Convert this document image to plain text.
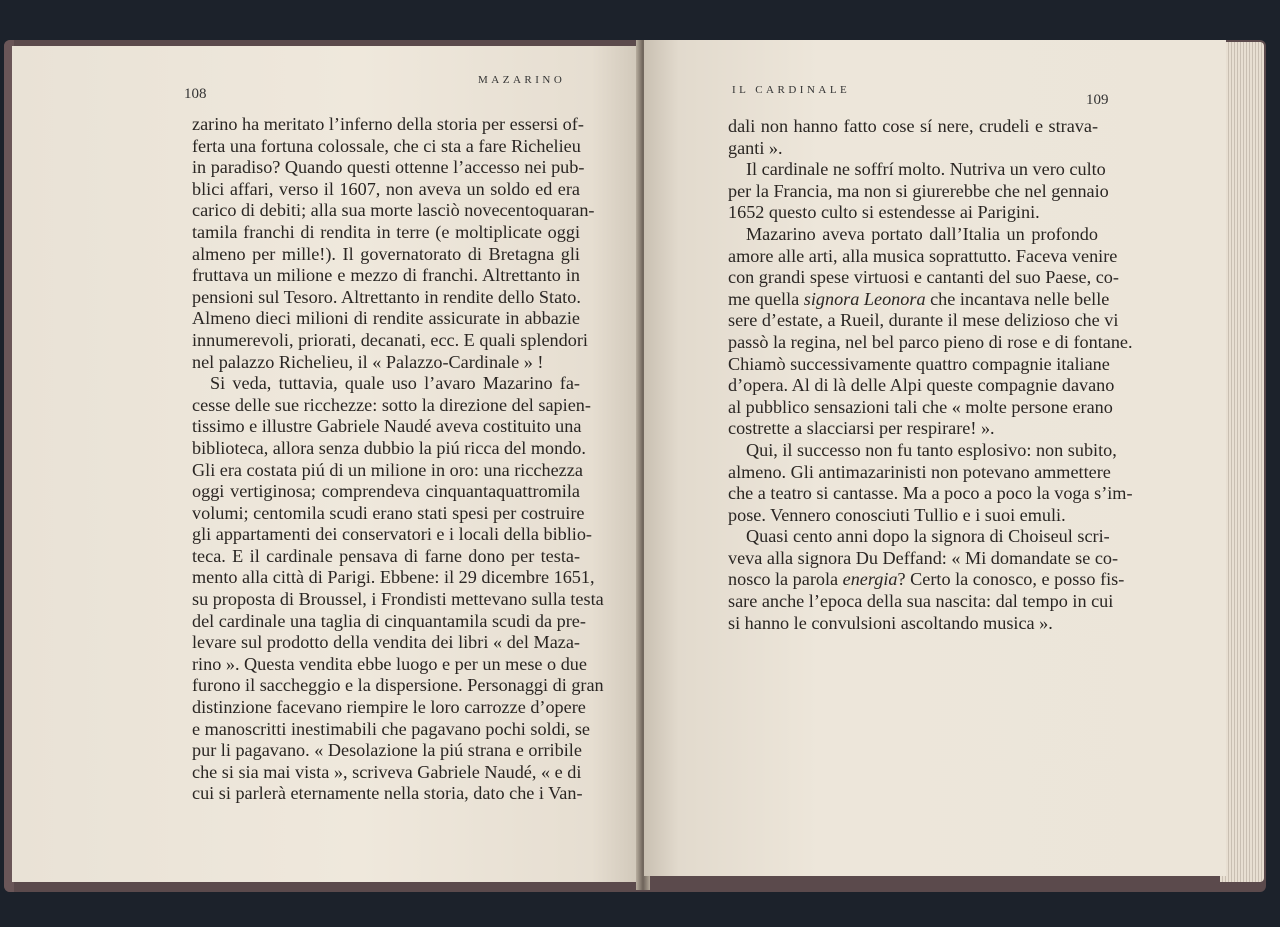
108
MAZARINO
zarino ha meritato l’inferno della storia per essersi of-
ferta una fortuna colossale, che ci sta a fare Richelieu
in paradiso? Quando questi ottenne l’accesso nei pub-
blici affari, verso il 1607, non aveva un soldo ed era
carico di debiti; alla sua morte lasciò novecentoquaran-
tamila franchi di rendita in terre (e moltiplicate oggi
almeno per mille!). Il governatorato di Bretagna gli
fruttava un milione e mezzo di franchi. Altrettanto in
pensioni sul Tesoro. Altrettanto in rendite dello Stato.
Almeno dieci milioni di rendite assicurate in abbazie
innumerevoli, priorati, decanati, ecc. E quali splendori
nel palazzo Richelieu, il « Palazzo-Cardinale » !
Si veda, tuttavia, quale uso l’avaro Mazarino fa-
cesse delle sue ricchezze: sotto la direzione del sapien-
tissimo e illustre Gabriele Naudé aveva costituito una
biblioteca, allora senza dubbio la piú ricca del mondo.
Gli era costata piú di un milione in oro: una ricchezza
oggi vertiginosa; comprendeva cinquantaquattromila
volumi; centomila scudi erano stati spesi per costruire
gli appartamenti dei conservatori e i locali della biblio-
teca. E il cardinale pensava di farne dono per testa-
mento alla città di Parigi. Ebbene: il 29 dicembre 1651,
su proposta di Broussel, i Frondisti mettevano sulla testa
del cardinale una taglia di cinquantamila scudi da pre-
levare sul prodotto della vendita dei libri « del Maza-
rino ». Questa vendita ebbe luogo e per un mese o due
furono il saccheggio e la dispersione. Personaggi di gran
distinzione facevano riempire le loro carrozze d’opere
e manoscritti inestimabili che pagavano pochi soldi, se
pur li pagavano. « Desolazione la piú strana e orribile
che si sia mai vista », scriveva Gabriele Naudé, « e di
cui si parlerà eternamente nella storia, dato che i Van-
IL CARDINALE
109
dali non hanno fatto cose sí nere, crudeli e strava-
ganti ».
Il cardinale ne soffrí molto. Nutriva un vero culto
per la Francia, ma non si giurerebbe che nel gennaio
1652 questo culto si estendesse ai Parigini.
Mazarino aveva portato dall’Italia un profondo
amore alle arti, alla musica soprattutto. Faceva venire
con grandi spese virtuosi e cantanti del suo Paese, co-
me quella signora Leonora che incantava nelle belle
sere d’estate, a Rueil, durante il mese delizioso che vi
passò la regina, nel bel parco pieno di rose e di fontane.
Chiamò successivamente quattro compagnie italiane
d’opera. Al di là delle Alpi queste compagnie davano
al pubblico sensazioni tali che « molte persone erano
costrette a slacciarsi per respirare! ».
Qui, il successo non fu tanto esplosivo: non subito,
almeno. Gli antimazarinisti non potevano ammettere
che a teatro si cantasse. Ma a poco a poco la voga s’im-
pose. Vennero conosciuti Tullio e i suoi emuli.
Quasi cento anni dopo la signora di Choiseul scri-
veva alla signora Du Deffand: « Mi domandate se co-
nosco la parola energia? Certo la conosco, e posso fis-
sare anche l’epoca della sua nascita: dal tempo in cui
si hanno le convulsioni ascoltando musica ».
